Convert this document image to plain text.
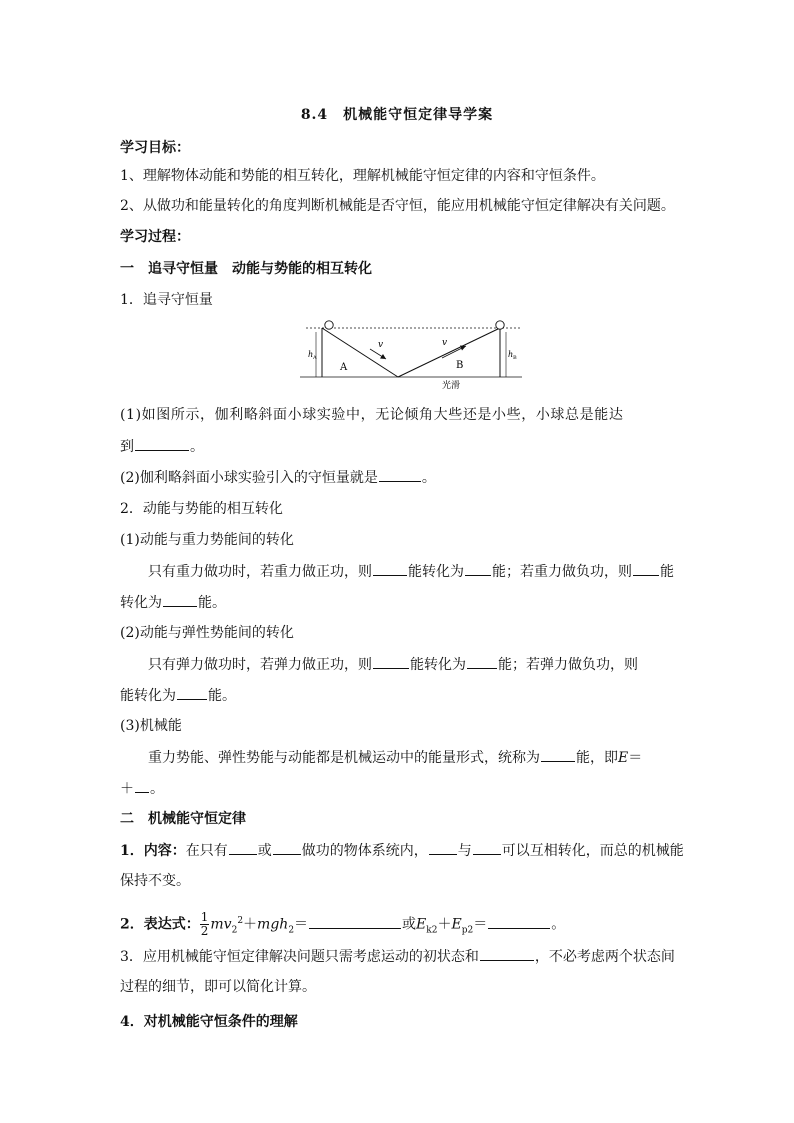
8.4　机械能守恒定律导学案
学习目标：
1、理解物体动能和势能的相互转化，理解机械能守恒定律的内容和守恒条件。
2、从做功和能量转化的角度判断机械能是否守恒，能应用机械能守恒定律解决有关问题。
学习过程：
一　追寻守恒量　动能与势能的相互转化
1．追寻守恒量
v	v
A	B
h A	h B
光滑
(1)如图所示，伽利略斜面小球实验中，无论倾角大些还是小些，小球总是能达
到	。
(2)伽利略斜面小球实验引入的守恒量就是	。
2．动能与势能的相互转化
(1)动能与重力势能间的转化
只有重力做功时，若重力做正功，则	能转化为 能；若重力做负功，则 能
转化为	能。
(2)动能与弹性势能间的转化
只有弹力做功时，若弹力做正功，则	能转化为 能；若弹力做负功，则
能转化为 能。
(3)机械能
重力势能、弹性势能与动能都是机械运动中的能量形式，统称为	能，即E＝
＋ 。
二　机械能守恒定律
1．内容：在只有 或 做功的物体系统内， 与 可以互相转化，而总的机械能
保持不变。
2．表达式： $\frac{1}{2} mv_2^2+mgh_2=$	或$E_{k2}+E_{p2}=$	。
3．应用机械能守恒定律解决问题只需考虑运动的初状态和	，不必考虑两个状态间
过程的细节，即可以简化计算。
4．对机械能守恒条件的理解
